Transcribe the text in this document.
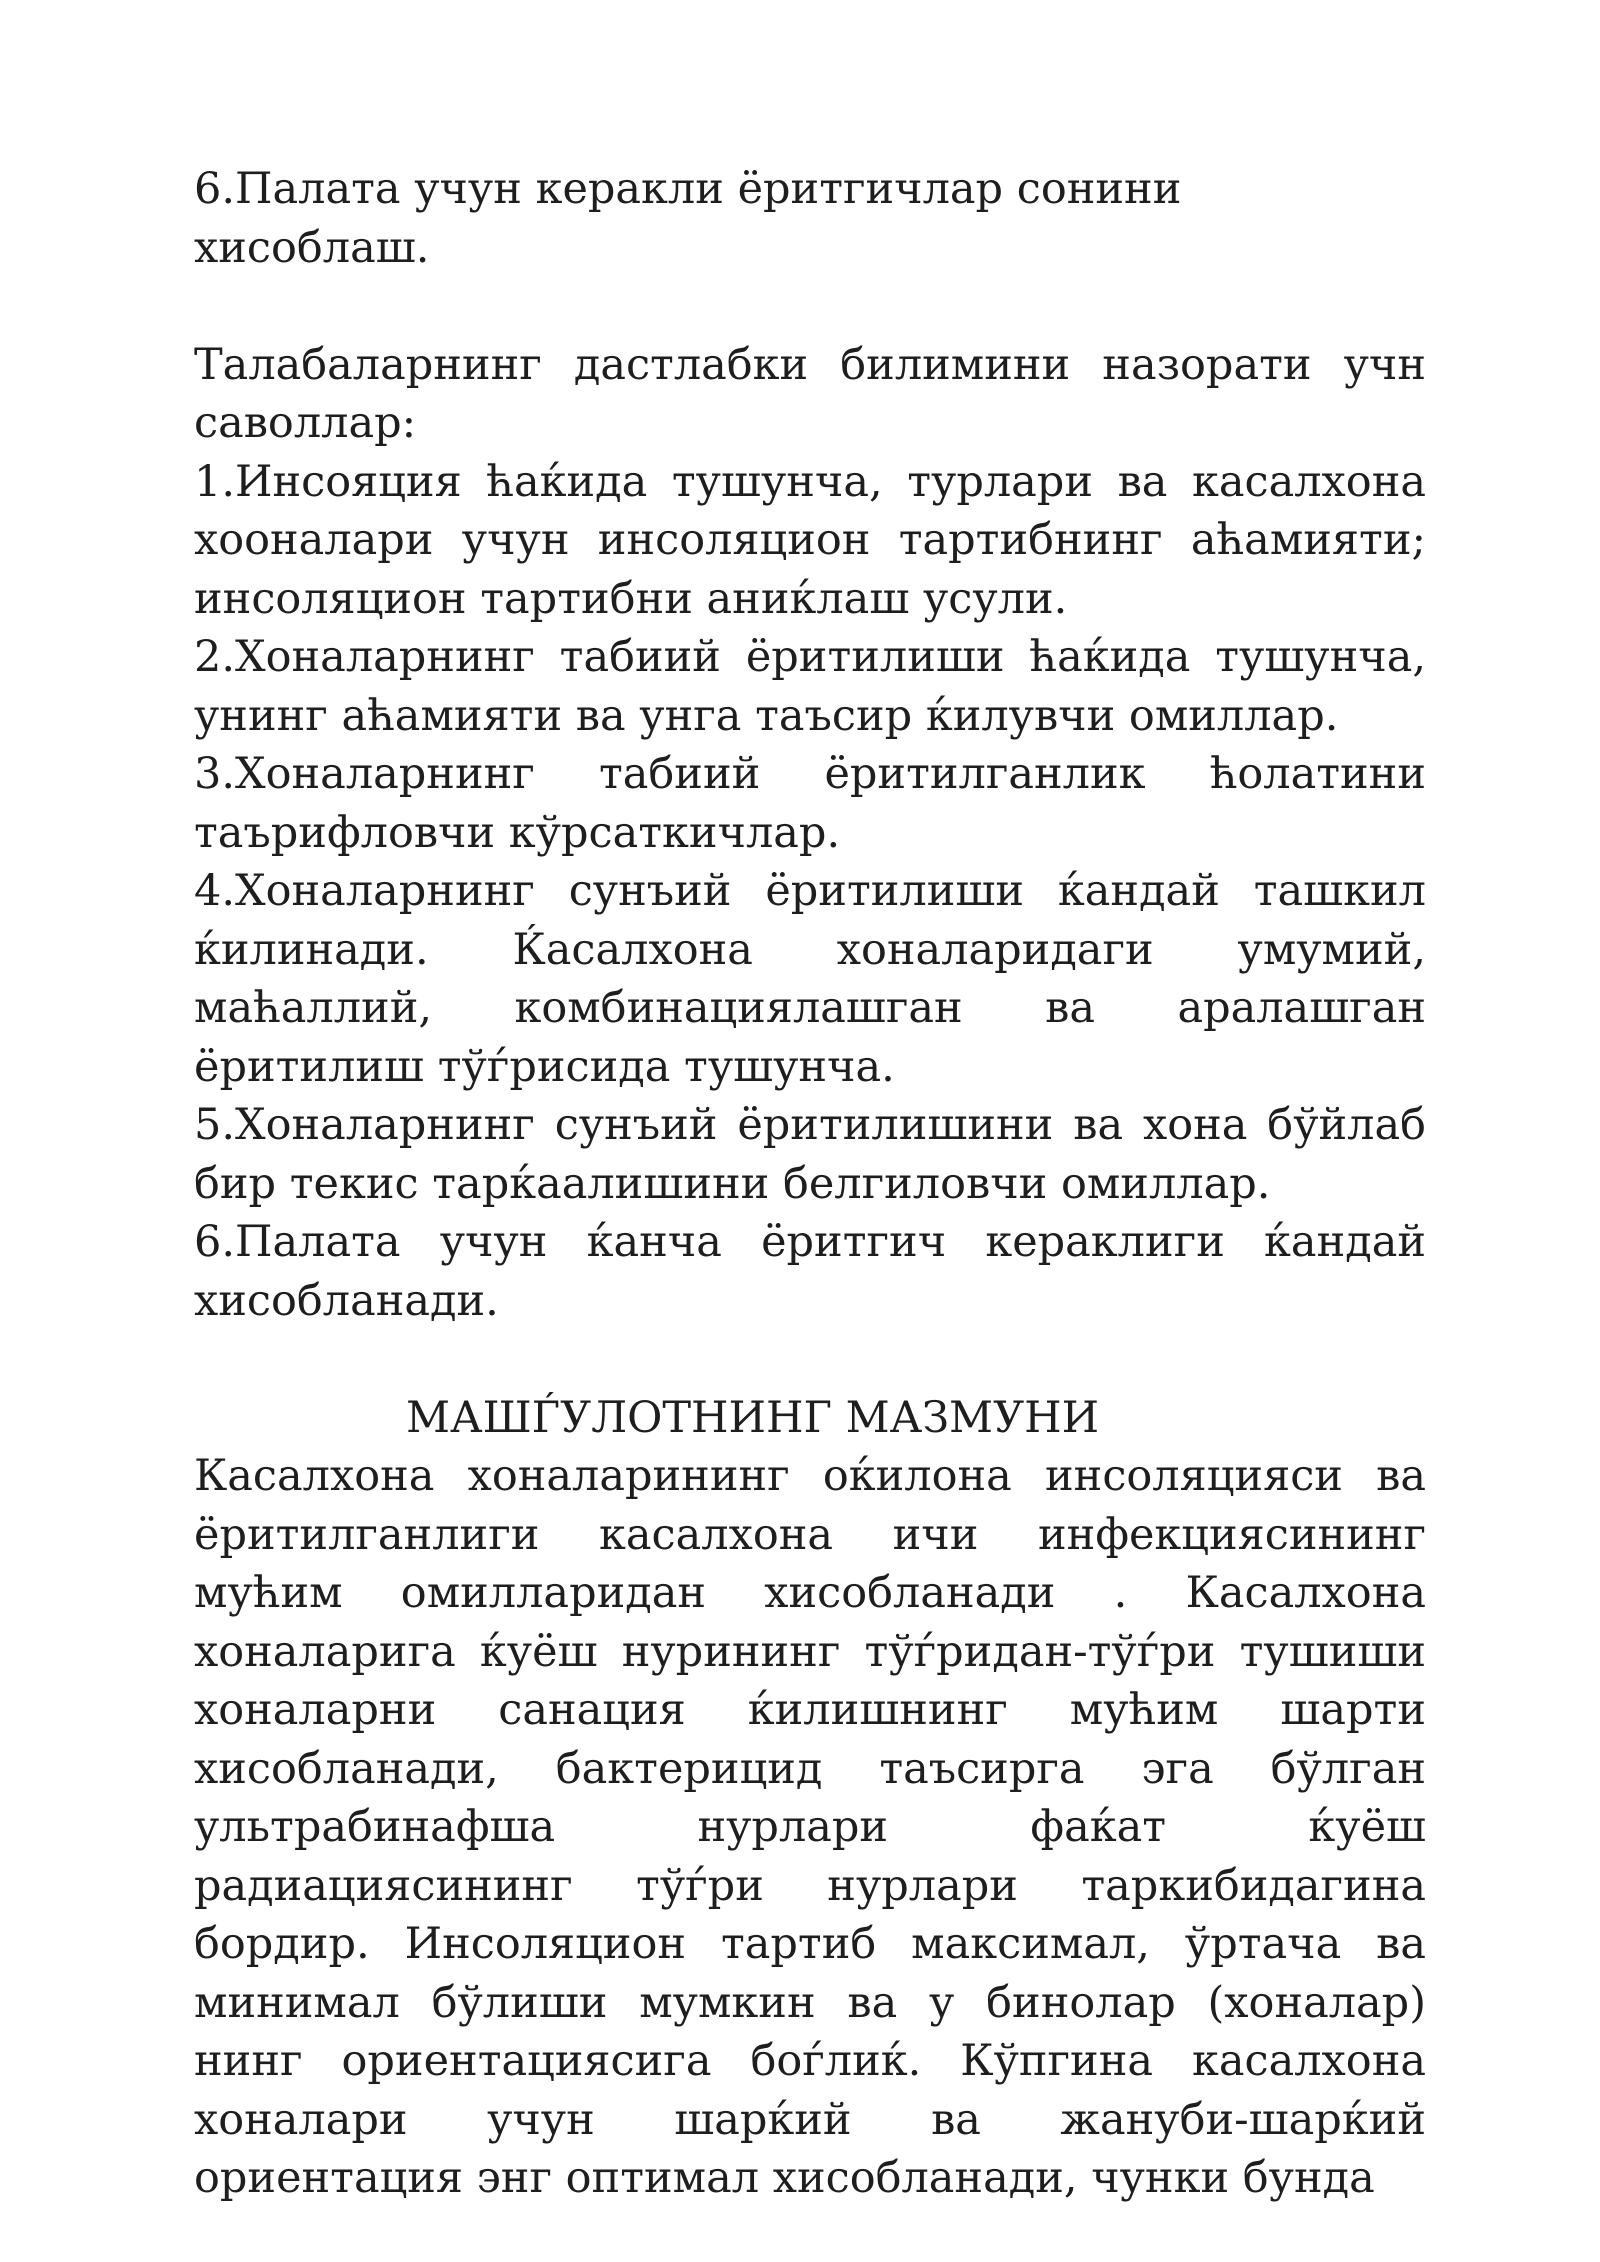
6.Палата учун керакли ёритгичлар сонини хисоблаш.

Талабаларнинг дастлабки билимини назорати учн саволлар:

1.Инсояция ћаќида тушунча, турлари ва касалхона хооналари учун инсоляцион тартибнинг аћамияти; инсоляцион тартибни аниќлаш усули.

2.Хоналарнинг табиий ёритилиши ћаќида тушунча, унинг аћамияти ва унга таъсир ќилувчи омиллар.

3.Хоналарнинг табиий ёритилганлик ћолатини таърифловчи кўрсаткичлар.

4.Хоналарнинг сунъий ёритилиши ќандай ташкил ќилинади. Ќасалхона хоналаридаги умумий, маћаллий, комбинациялашган ва аралашган ёритилиш тўѓрисида тушунча.

5.Хоналарнинг сунъий ёритилишини ва хона бўйлаб бир текис тарќаалишини белгиловчи омиллар.

6.Палата учун ќанча ёритгич кераклиги ќандай хисобланади.

МАШЃУЛОТНИНГ МАЗМУНИ

Касалхона хоналарининг оќилона инсоляцияси ва ёритилганлиги касалхона ичи инфекциясининг мућим омилларидан хисобланади . Касалхона хоналарига ќуёш нурининг тўѓридан-тўѓри тушиши хоналарни санация ќилишнинг мућим шарти хисобланади, бактерицид таъсирга эга бўлган ультрабинафша нурлари фаќат ќуёш радиациясининг тўѓри нурлари таркибидагина бордир. Инсоляцион тартиб максимал, ўртача ва минимал бўлиши мумкин ва у бинолар (хоналар) нинг ориентациясига боѓлиќ. Кўпгина касалхона хоналари учун шарќий ва жануби-шарќий ориентация энг оптимал хисобланади, чунки бунда
